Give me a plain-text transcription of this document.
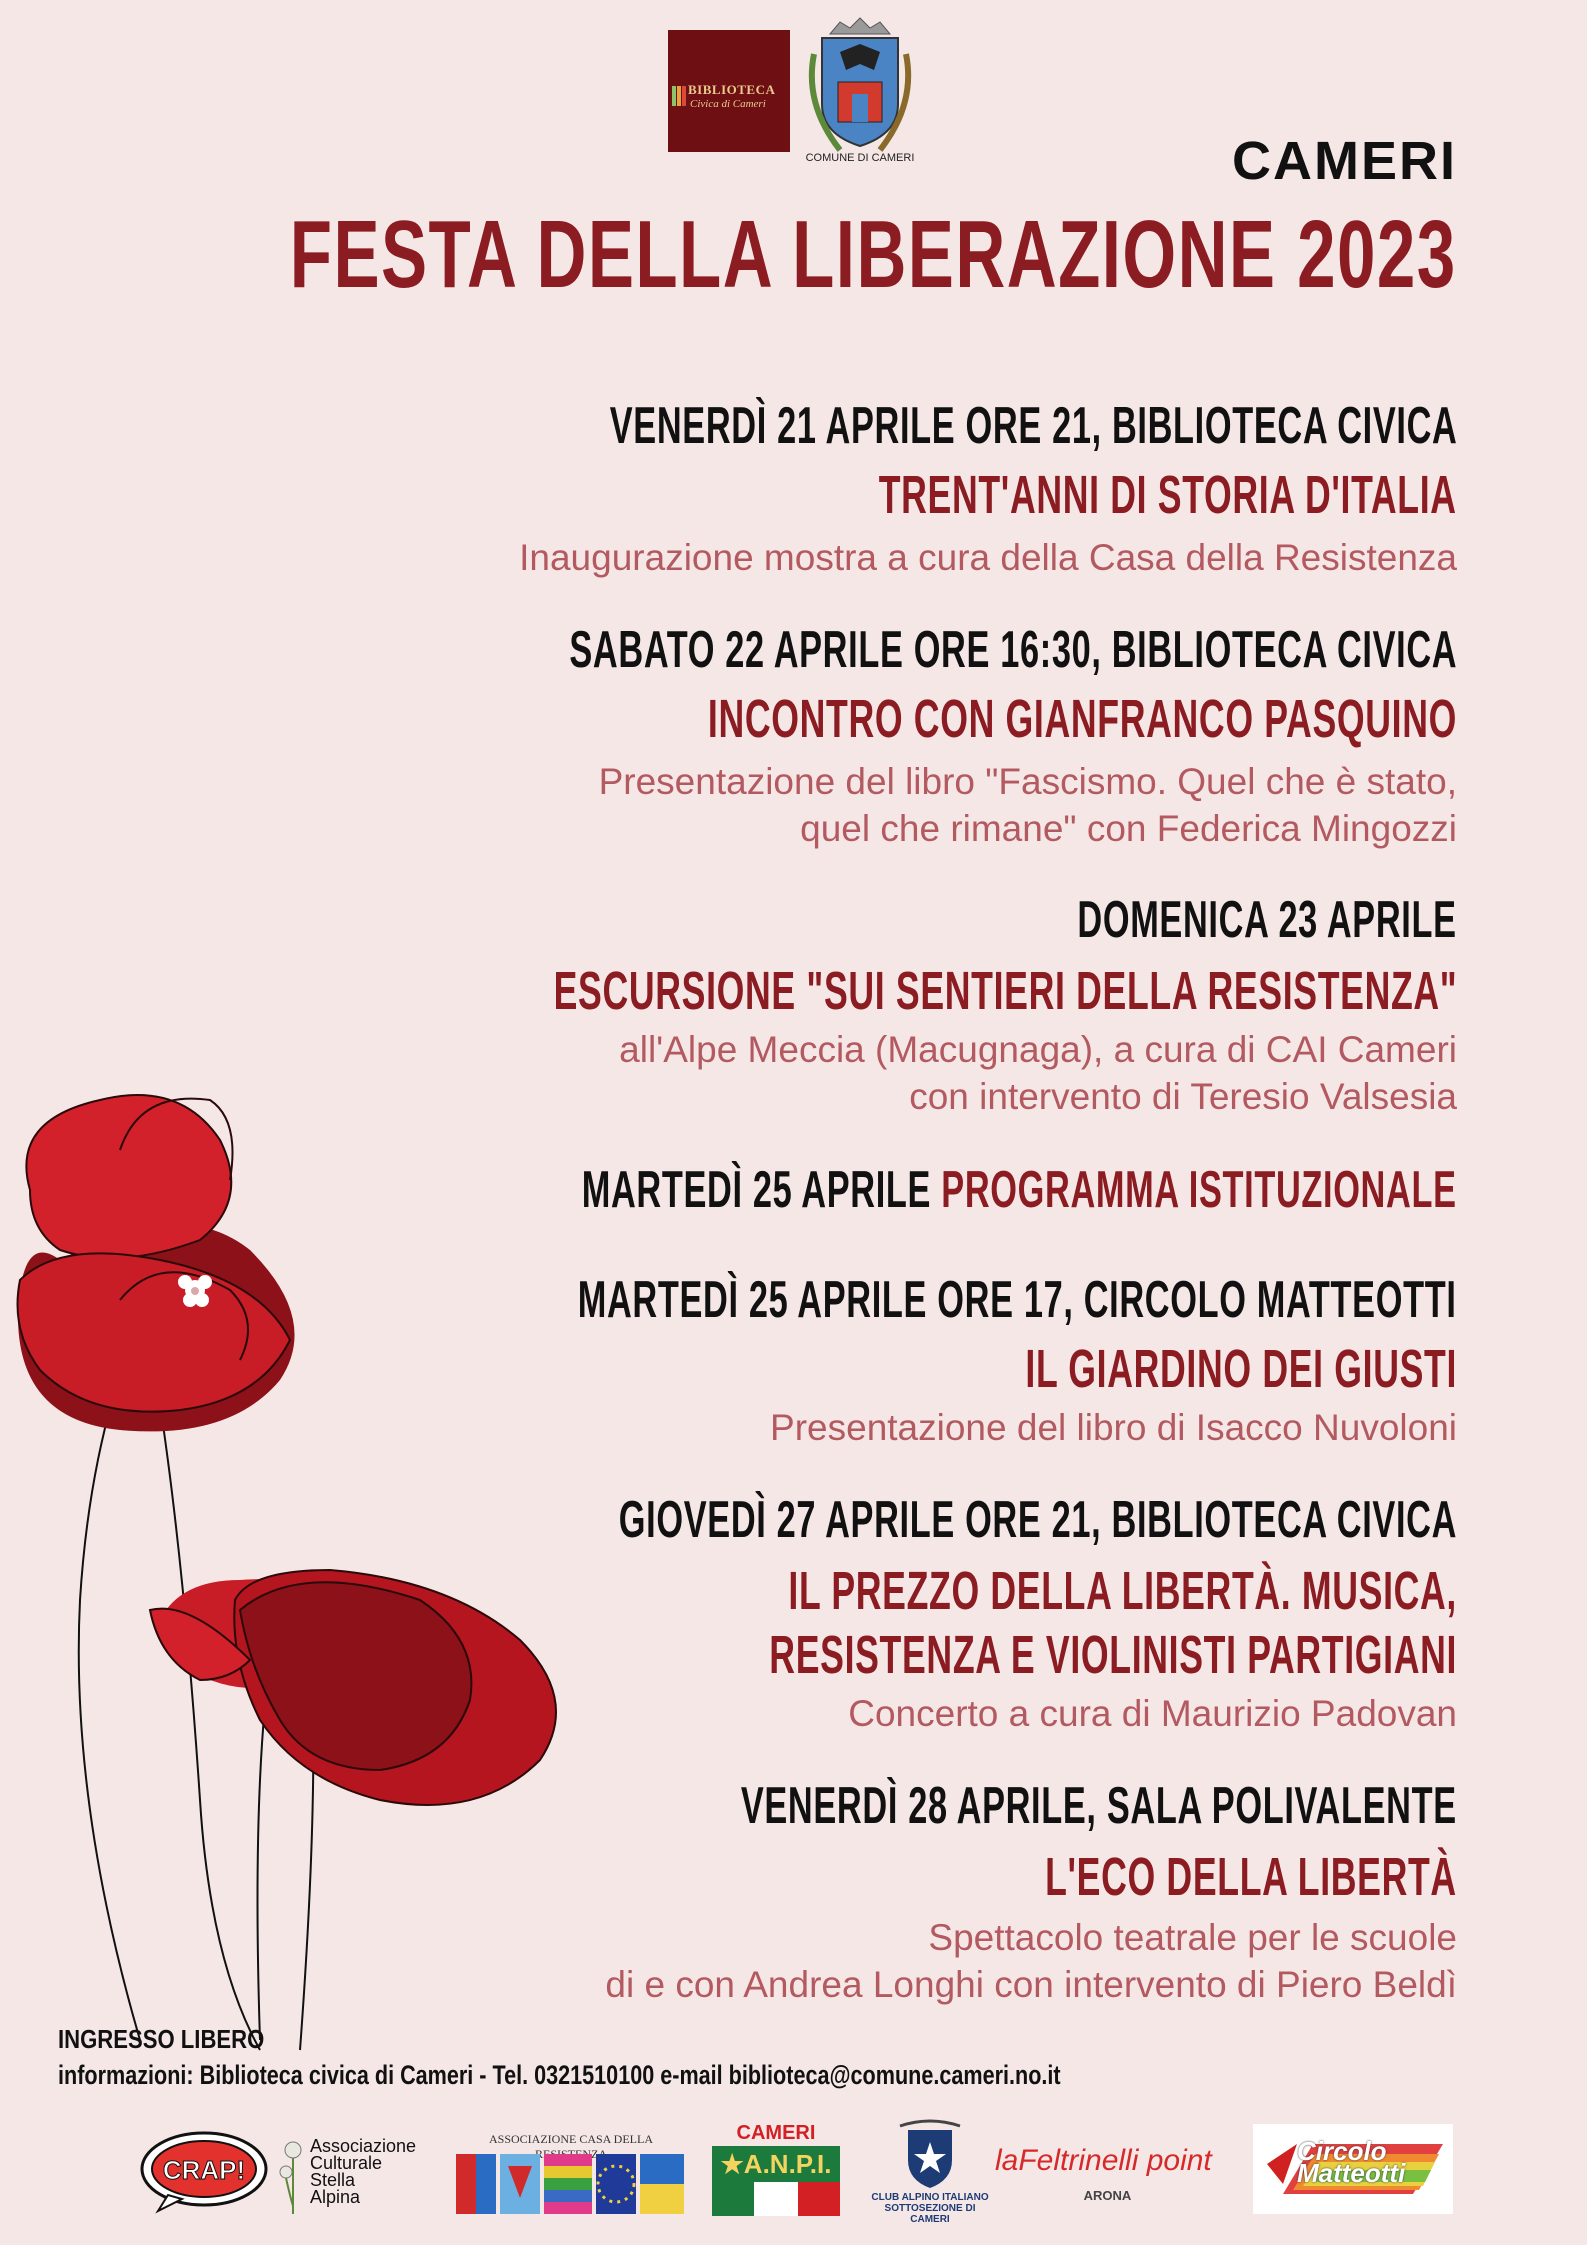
BIBLIOTECA
Civica di Cameri
COMUNE DI CAMERI	CAMERI
FESTA DELLA LIBERAZIONE 2023
VENERDÌ 21 APRILE ORE 21, BIBLIOTECA CIVICA
TRENT'ANNI DI STORIA D'ITALIA
Inaugurazione mostra a cura della Casa della Resistenza
SABATO 22 APRILE ORE 16:30, BIBLIOTECA CIVICA
INCONTRO CON GIANFRANCO PASQUINO
Presentazione del libro "Fascismo. Quel che è stato,
quel che rimane" con Federica Mingozzi
DOMENICA 23 APRILE
ESCURSIONE "SUI SENTIERI DELLA RESISTENZA"
all'Alpe Meccia (Macugnaga), a cura di CAI Cameri
con intervento di Teresio Valsesia
MARTEDÌ 25 APRILE PROGRAMMA ISTITUZIONALE
MARTEDÌ 25 APRILE ORE 17, CIRCOLO MATTEOTTI
IL GIARDINO DEI GIUSTI
Presentazione del libro di Isacco Nuvoloni
GIOVEDÌ 27 APRILE ORE 21, BIBLIOTECA CIVICA
IL PREZZO DELLA LIBERTÀ. MUSICA,
RESISTENZA E VIOLINISTI PARTIGIANI
Concerto a cura di Maurizio Padovan
VENERDÌ 28 APRILE, SALA POLIVALENTE
L'ECO DELLA LIBERTÀ
Spettacolo teatrale per le scuole
di e con Andrea Longhi con intervento di Piero Beldì
INGRESSO LIBERO
informazioni: Biblioteca civica di Cameri - Tel. 0321510100 e-mail biblioteca@comune.cameri.no.it
CRAP!
Associazione
Culturale
Stella
Alpina
ASSOCIAZIONE CASA DELLA	CAMERI
★A.N.P.I.
CLUB ALPINO ITALIANO
SOTTOSEZIONE DI CAMERI
laFeltrinelli point
ARONA
Circolo
Matteotti
